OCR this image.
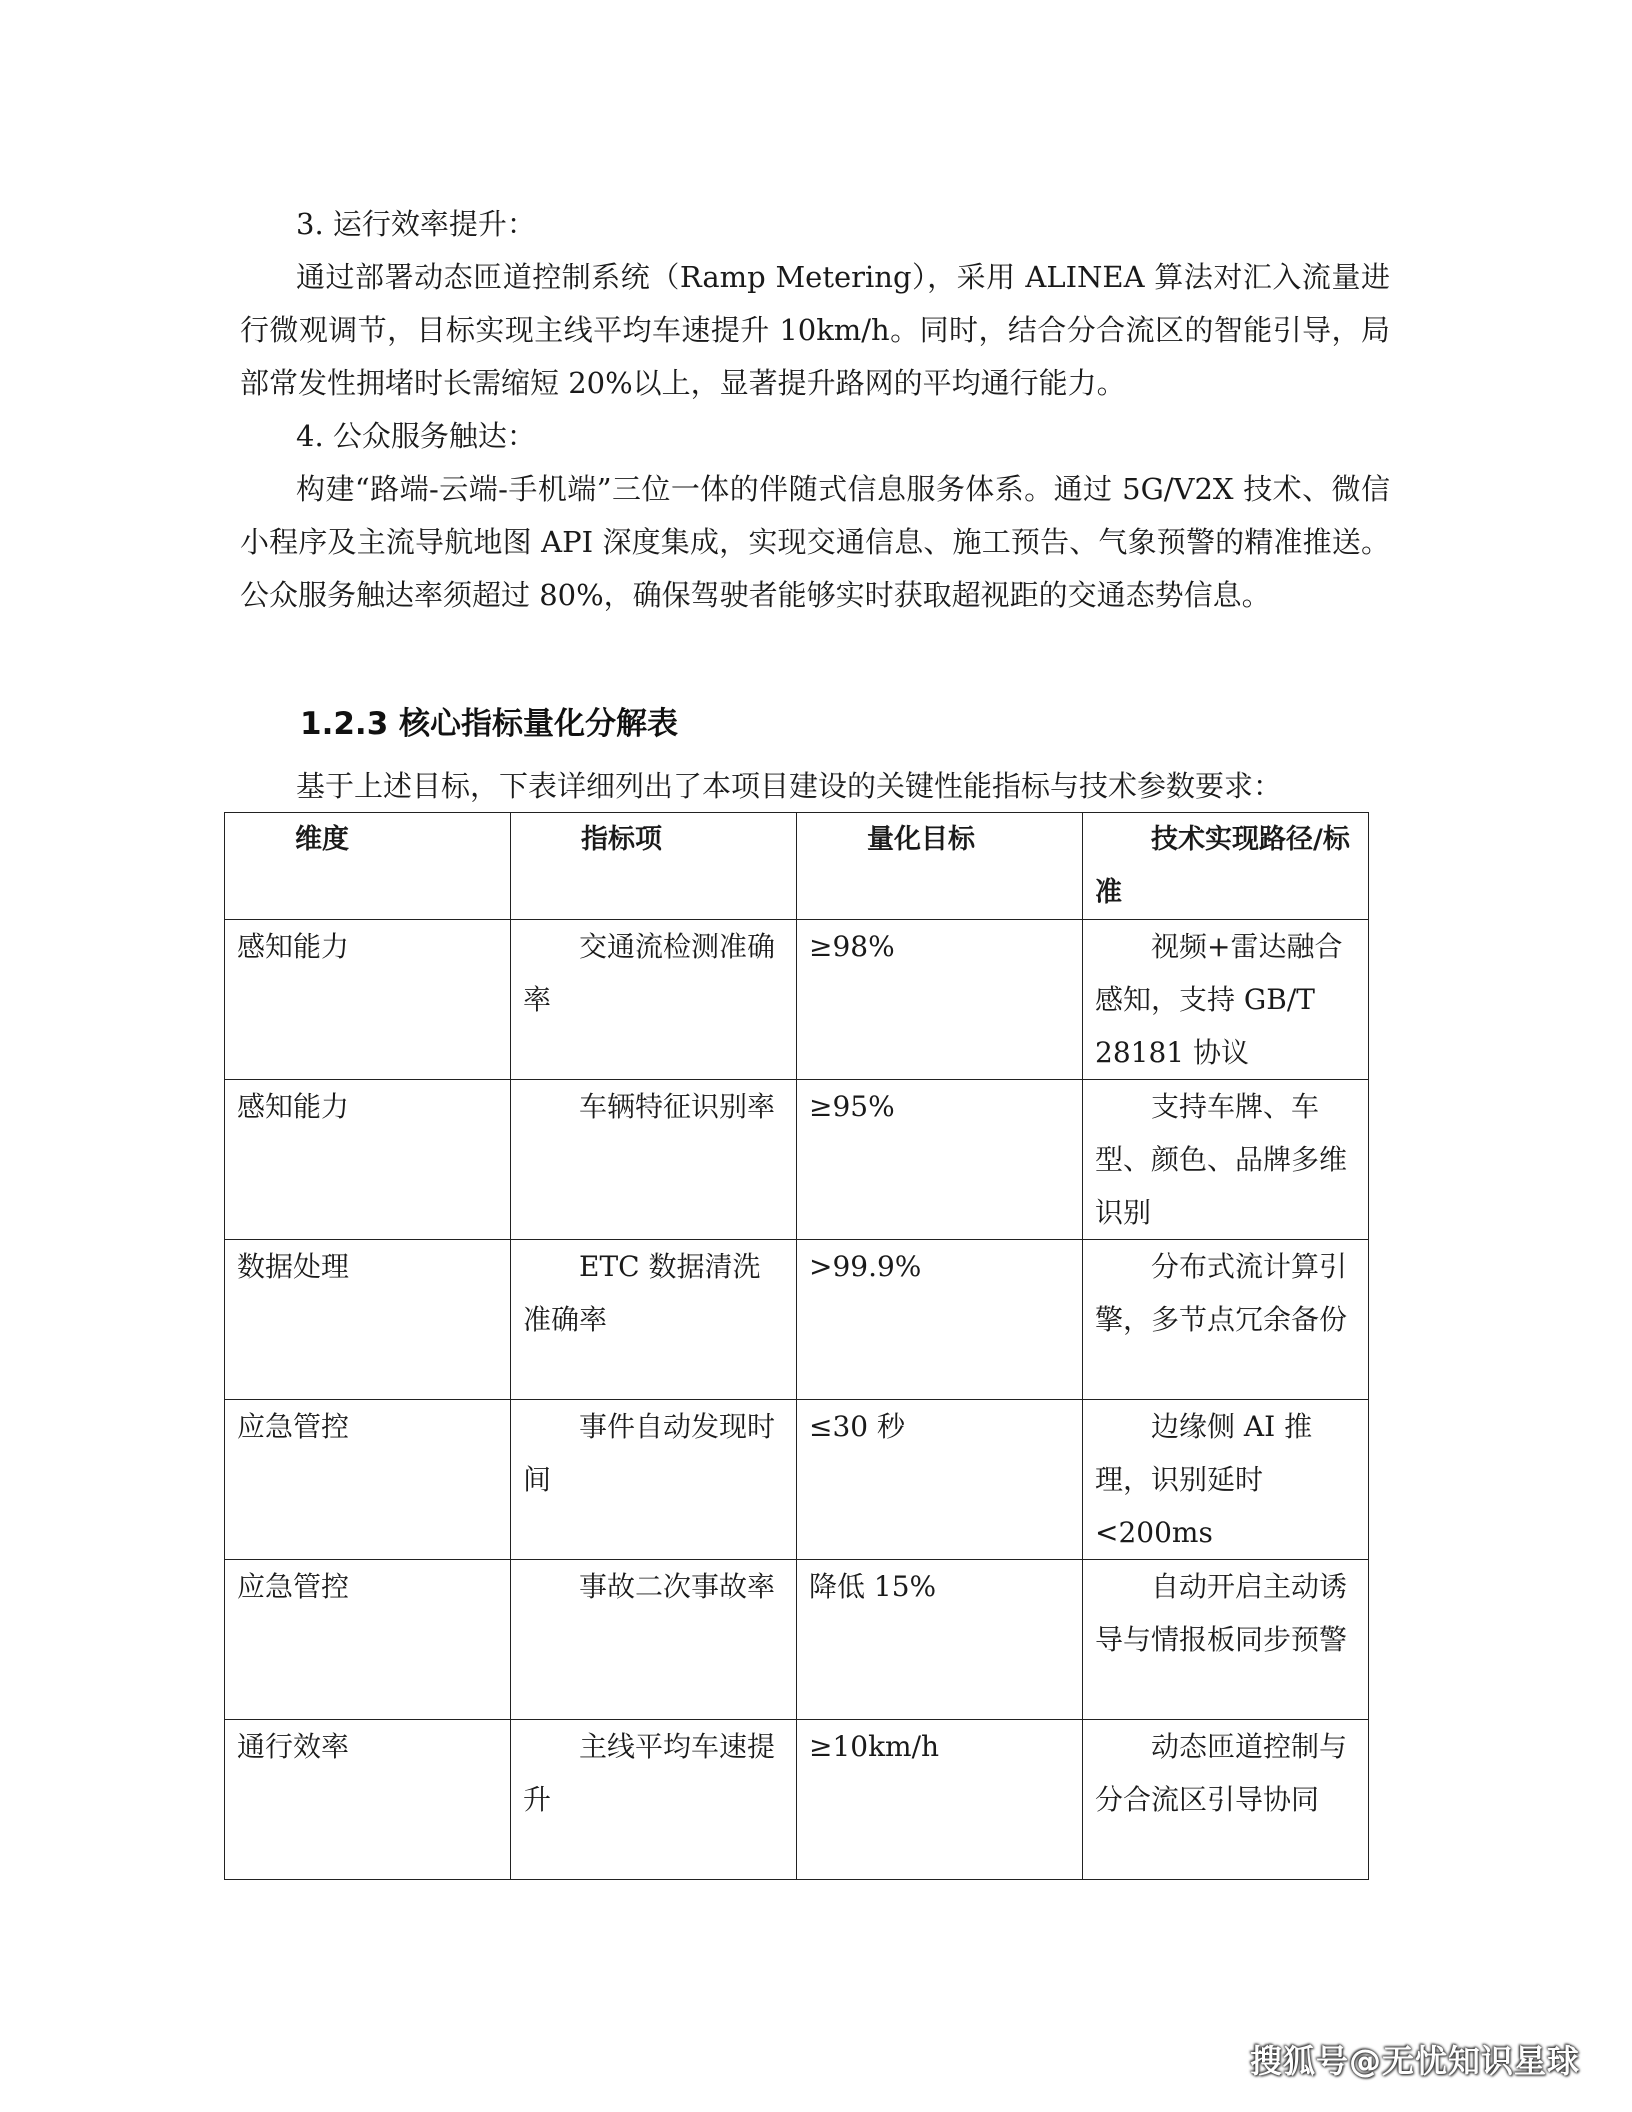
3. 运行效率提升：

通过部署动态匝道控制系统（Ramp Metering），采用 ALINEA 算法对汇入流量进行微观调节，目标实现主线平均车速提升 10km/h。同时，结合分合流区的智能引导，局部常发性拥堵时长需缩短 20%以上，显著提升路网的平均通行能力。

4. 公众服务触达：

构建“路端-云端-手机端”三位一体的伴随式信息服务体系。通过 5G/V2X 技术、微信小程序及主流导航地图 API 深度集成，实现交通信息、施工预告、气象预警的精准推送。公众服务触达率须超过 80%，确保驾驶者能够实时获取超视距的交通态势信息。

1.2.3 核心指标量化分解表

基于上述目标，下表详细列出了本项目建设的关键性能指标与技术参数要求：

维度	指标项	量化目标	技术实现路径/标准
感知能力	交通流检测准确率	≥98%	视频+雷达融合感知，支持 GB/T 28181 协议
感知能力	车辆特征识别率	≥95%	支持车牌、车型、颜色、品牌多维识别
数据处理	ETC 数据清洗准确率	>99.9%	分布式流计算引擎，多节点冗余备份
应急管控	事件自动发现时间	≤30 秒	边缘侧 AI 推理，识别延时<200ms
应急管控	事故二次事故率	降低 15%	自动开启主动诱导与情报板同步预警
通行效率	主线平均车速提升	≥10km/h	动态匝道控制与分合流区引导协同
搜狐号@无忧知识星球
